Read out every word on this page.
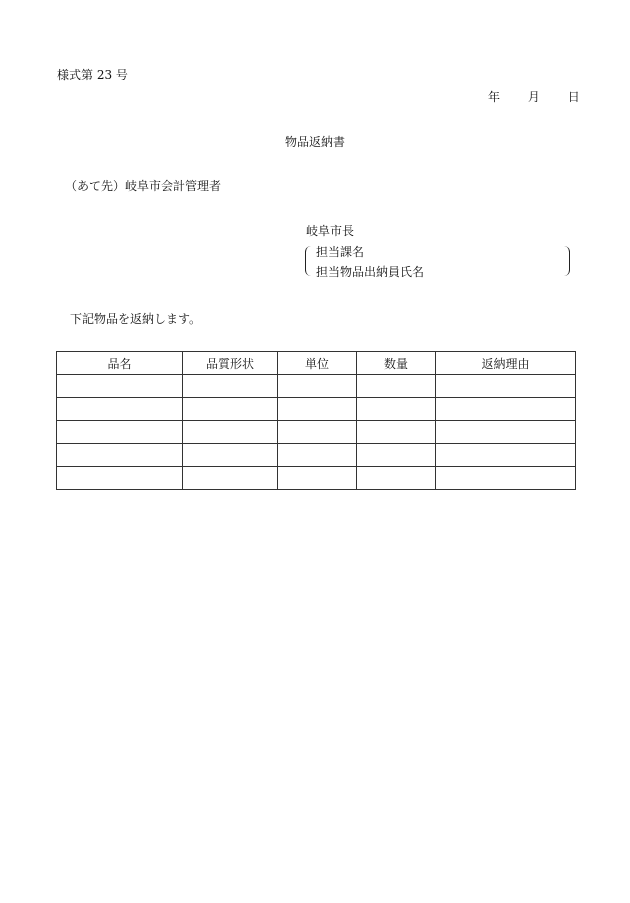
様式第 23 号
年 月 日
物品返納書
（あて先）岐阜市会計管理者
岐阜市長
担当課名
担当物品出納員氏名
下記物品を返納します。
品名	品質形状	単位	数量	返納理由
